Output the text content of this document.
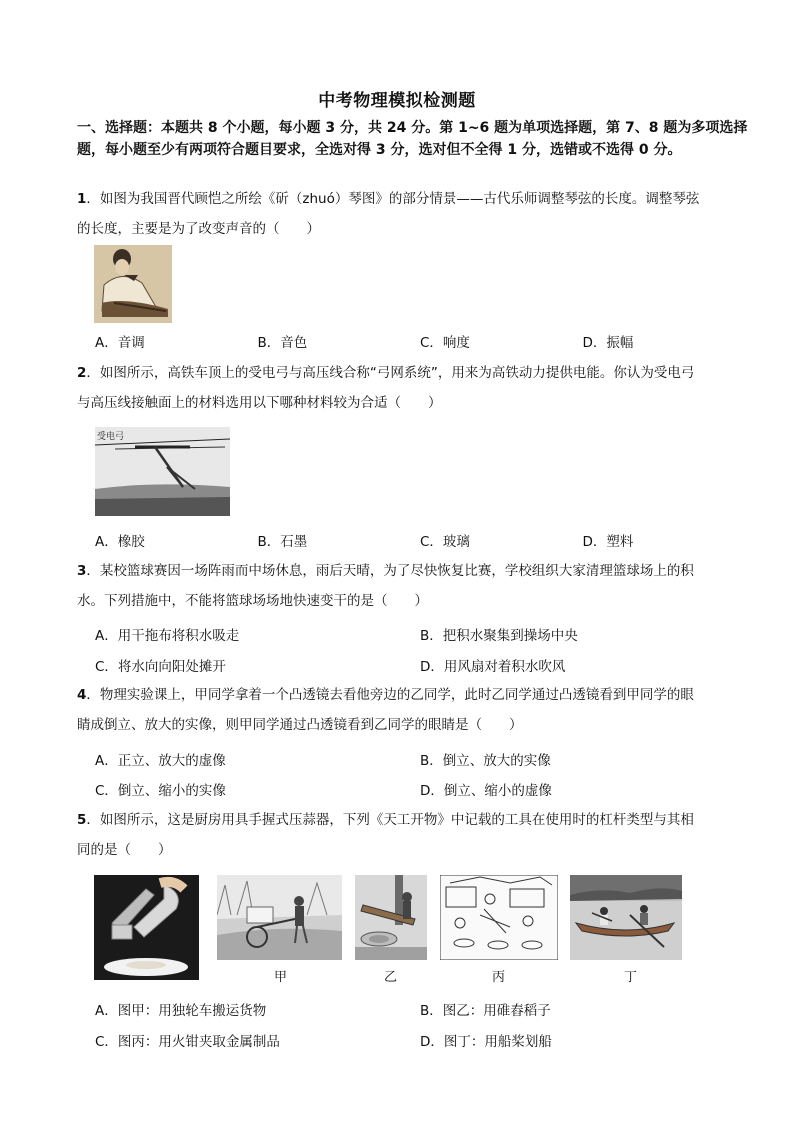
中考物理模拟检测题
一、选择题：本题共 8 个小题，每小题 3 分，共 24 分。第 1~6 题为单项选择题，第 7、8 题为多项选择题，每小题至少有两项符合题目要求，全选对得 3 分，选对但不全得 1 分，选错或不选得 0 分。
1．如图为我国晋代顾恺之所绘《斫（zhuó）琴图》的部分情景——古代乐师调整琴弦的长度。调整琴弦
的长度，主要是为了改变声音的（　　）
A．音调	B．音色	C．响度	D．振幅
2．如图所示，高铁车顶上的受电弓与高压线合称“弓网系统”，用来为高铁动力提供电能。你认为受电弓
与高压线接触面上的材料选用以下哪种材料较为合适（　　）
受电弓
A．橡胶	B．石墨	C．玻璃	D．塑料
3．某校篮球赛因一场阵雨而中场休息，雨后天晴，为了尽快恢复比赛，学校组织大家清理篮球场上的积
水。下列措施中，不能将篮球场场地快速变干的是（　　）
A．用干拖布将积水吸走	B．把积水聚集到操场中央
C．将水向向阳处摊开	D．用风扇对着积水吹风
4．物理实验课上，甲同学拿着一个凸透镜去看他旁边的乙同学，此时乙同学通过凸透镜看到甲同学的眼
睛成倒立、放大的实像，则甲同学通过凸透镜看到乙同学的眼睛是（　　）
A．正立、放大的虚像	B．倒立、放大的实像
C．倒立、缩小的实像	D．倒立、缩小的虚像
5．如图所示，这是厨房用具手握式压蒜器，下列《天工开物》中记载的工具在使用时的杠杆类型与其相
同的是（　　）
甲	乙	丙	丁
A．图甲：用独轮车搬运货物	B．图乙：用碓舂稻子
C．图丙：用火钳夹取金属制品	D．图丁：用船桨划船
